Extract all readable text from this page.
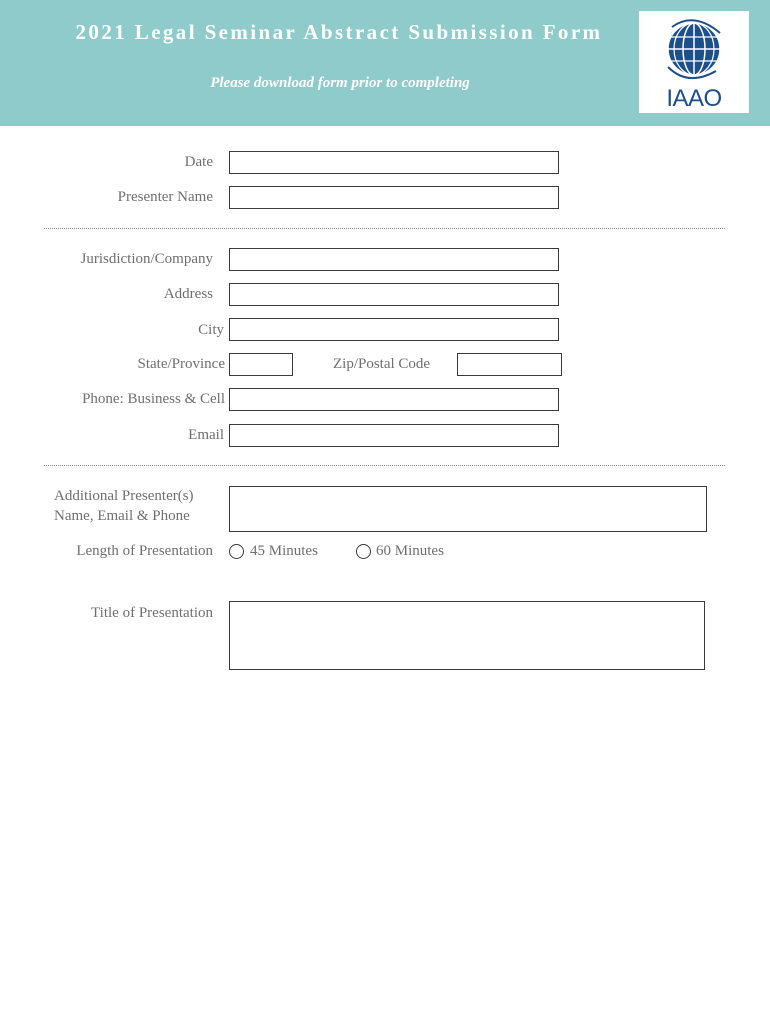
2021 Legal Seminar Abstract Submission Form
Please download form prior to completing
IAAO
Date
Presenter Name
Jurisdiction/Company
Address
City
State/Province	Zip/Postal Code
Phone: Business & Cell
Email
Additional Presenter(s)
Name, Email & Phone
Length of Presentation 45 Minutes	60 Minutes
Title of Presentation
